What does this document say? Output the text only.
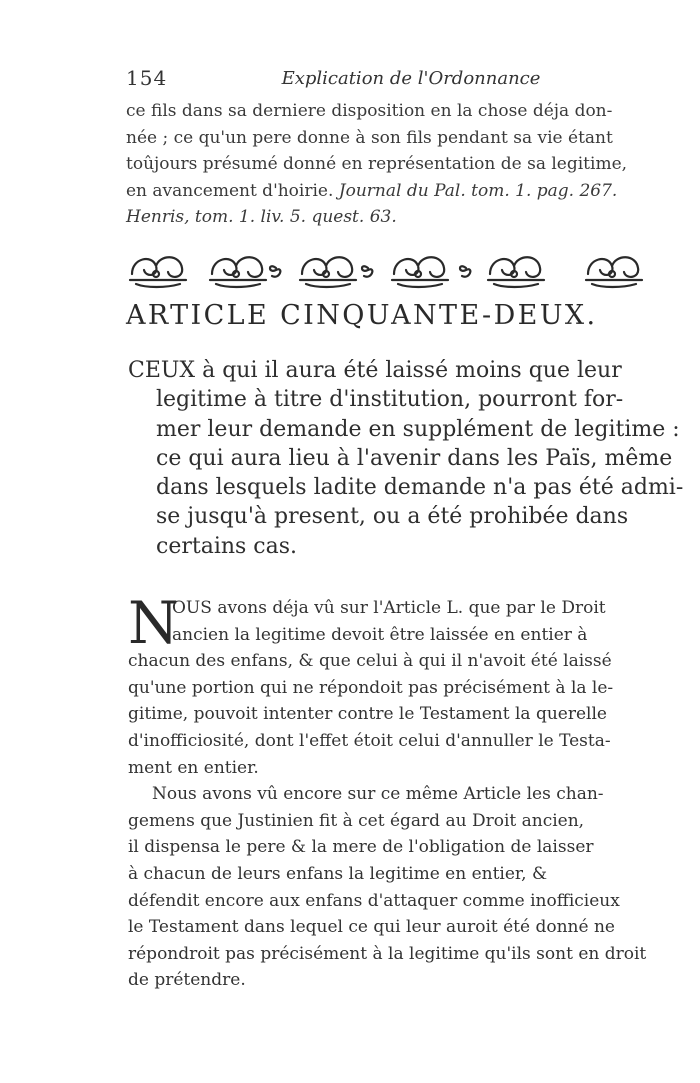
154	Explication de l'Ordonnance
ce fils dans sa derniere disposition en la chose déja don-
née ; ce qu'un pere donne à son fils pendant sa vie étant
toûjours présumé donné en représentation de sa legitime,
en avancement d'hoirie. Journal du Pal. tom. 1. pag. 267.
Henris, tom. 1. liv. 5. quest. 63.
ARTICLE CINQUANTE-DEUX.
CEUX à qui il aura été laissé moins que leur
legitime à titre d'institution, pourront for-
mer leur demande en supplément de legitime :
ce qui aura lieu à l'avenir dans les Païs, même
dans lesquels ladite demande n'a pas été admi-
se jusqu'à present, ou a été prohibée dans
certains cas.
N
OUS avons déja vû sur l'Article L. que par le Droit
ancien la legitime devoit être laissée en entier à
chacun des enfans, & que celui à qui il n'avoit été laissé
qu'une portion qui ne répondoit pas précisément à la le-
gitime, pouvoit intenter contre le Testament la querelle
d'inofficiosité, dont l'effet étoit celui d'annuller le Testa-
ment en entier.
Nous avons vû encore sur ce même Article les chan-
gemens que Justinien fit à cet égard au Droit ancien,
il dispensa le pere & la mere de l'obligation de laisser
à chacun de leurs enfans la legitime en entier, &
défendit encore aux enfans d'attaquer comme inofficieux
le Testament dans lequel ce qui leur auroit été donné ne
répondroit pas précisément à la legitime qu'ils sont en droit
de prétendre.
